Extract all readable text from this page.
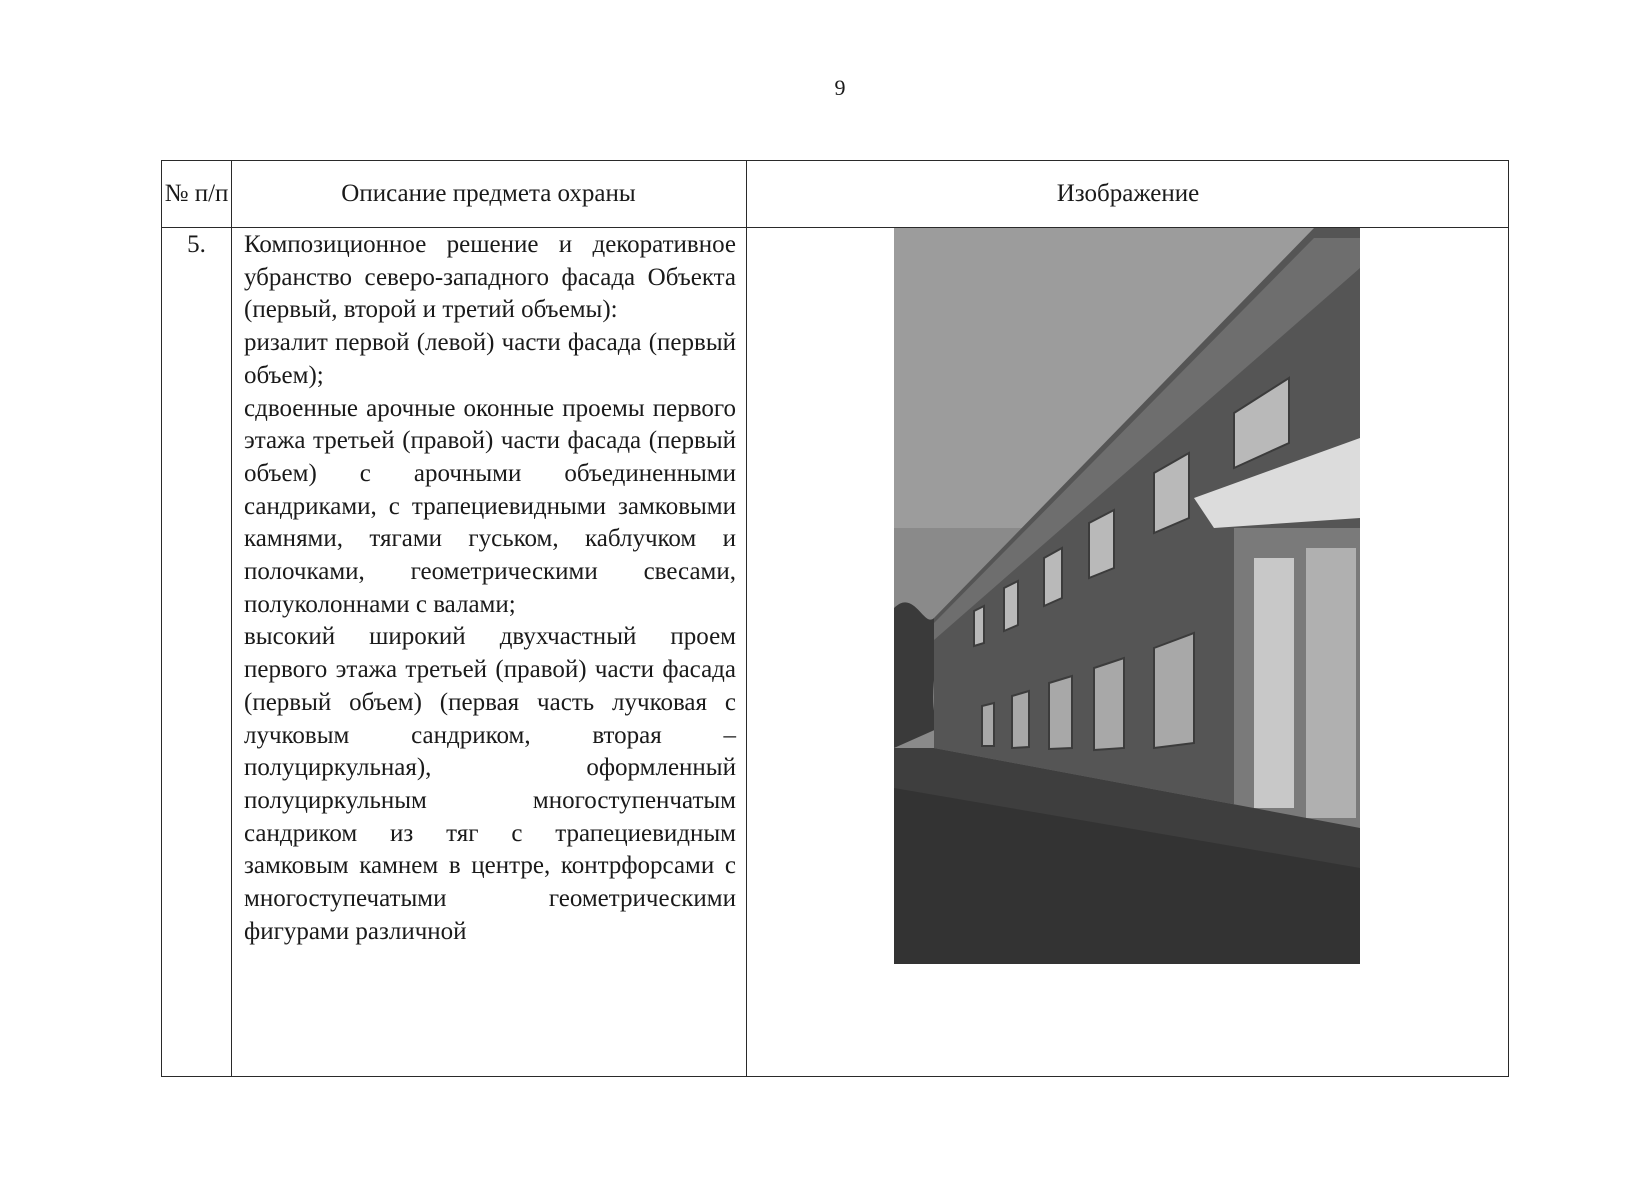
9
№ п/п	Описание предмета охраны	Изображение
5.	Композиционное решение и декоративное убранство северо-западного фасада Объекта (первый, второй и третий объемы):

ризалит первой (левой) части фасада (первый объем);

сдвоенные арочные оконные проемы первого этажа третьей (правой) части фасада (первый объем) с арочными объединенными сандриками, с трапециевидными замковыми камнями, тягами гуськом, каблучком и полочками, геометрическими свесами, полуколоннами с валами;

высокий широкий двухчастный проем первого этажа третьей (правой) части фасада (первый объем) (первая часть лучковая с лучковым сандриком, вторая – полуциркульная), оформленный полуциркульным многоступенчатым сандриком из тяг с трапециевидным замковым камнем в центре, контрфорсами с многоступечатыми геометрическими фигурами различной
